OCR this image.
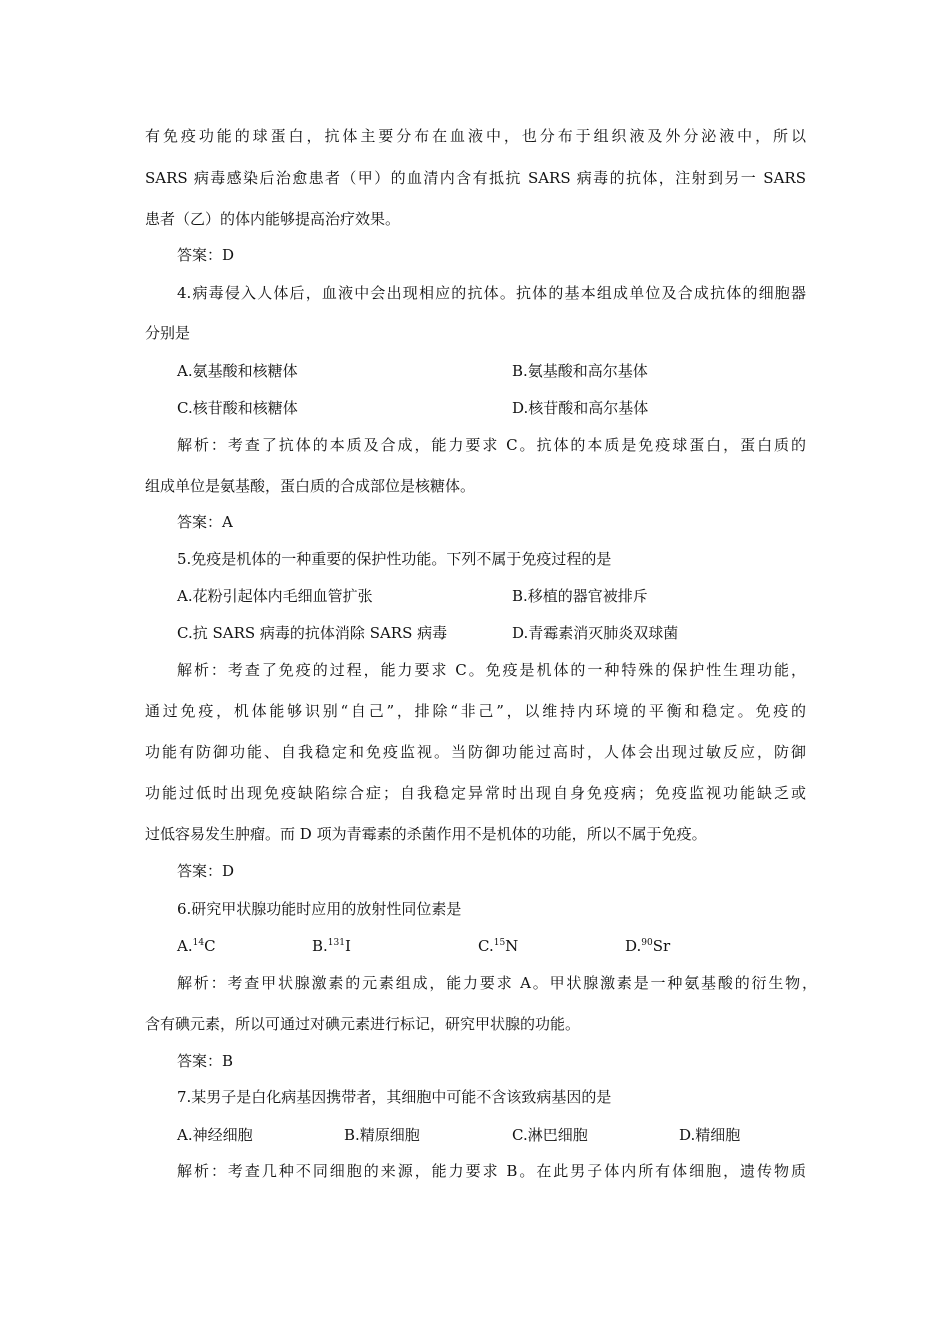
有免疫功能的球蛋白，抗体主要分布在血液中，也分布于组织液及外分泌液中，所以
SARS 病毒感染后治愈患者（甲）的血清内含有抵抗 SARS 病毒的抗体，注射到另一 SARS
患者（乙）的体内能够提高治疗效果。
答案：D
4.病毒侵入人体后，血液中会出现相应的抗体。抗体的基本组成单位及合成抗体的细胞器
分别是
A.氨基酸和核糖体	B.氨基酸和高尔基体
C.核苷酸和核糖体	D.核苷酸和高尔基体
解析：考查了抗体的本质及合成，能力要求 C。抗体的本质是免疫球蛋白，蛋白质的
组成单位是氨基酸，蛋白质的合成部位是核糖体。
答案：A
5.免疫是机体的一种重要的保护性功能。下列不属于免疫过程的是
A.花粉引起体内毛细血管扩张	B.移植的器官被排斥
C.抗 SARS 病毒的抗体消除 SARS 病毒	D.青霉素消灭肺炎双球菌
解析：考查了免疫的过程，能力要求 C。免疫是机体的一种特殊的保护性生理功能，
通过免疫，机体能够识别“自己”，排除“非己”，以维持内环境的平衡和稳定。免疫的
功能有防御功能、自我稳定和免疫监视。当防御功能过高时，人体会出现过敏反应，防御
功能过低时出现免疫缺陷综合症；自我稳定异常时出现自身免疫病；免疫监视功能缺乏或
过低容易发生肿瘤。而 D 项为青霉素的杀菌作用不是机体的功能，所以不属于免疫。
答案：D
6.研究甲状腺功能时应用的放射性同位素是
A.$^{14}$C	B.$^{131}$I	C.$^{15}$N	D.$^{90}$Sr
解析：考查甲状腺激素的元素组成，能力要求 A。甲状腺激素是一种氨基酸的衍生物，
含有碘元素，所以可通过对碘元素进行标记，研究甲状腺的功能。
答案：B
7.某男子是白化病基因携带者，其细胞中可能不含该致病基因的是
A.神经细胞	B.精原细胞	C.淋巴细胞	D.精细胞
解析：考查几种不同细胞的来源，能力要求 B。在此男子体内所有体细胞，遗传物质
